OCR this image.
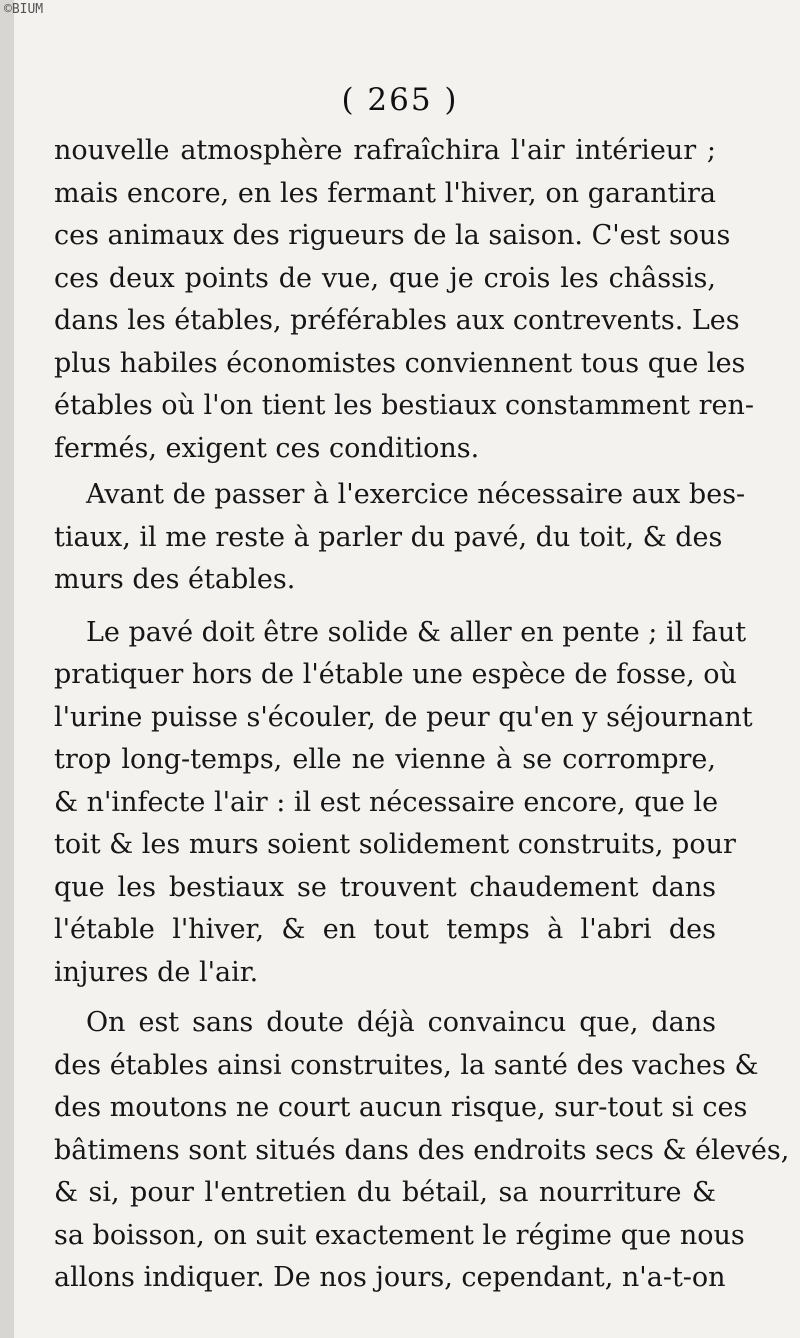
©BIUM
( 265 )
nouvelle atmosphère rafraîchira l'air intérieur ;
mais encore, en les fermant l'hiver, on garantira
ces animaux des rigueurs de la saison. C'est sous
ces deux points de vue, que je crois les châssis,
dans les étables, préférables aux contrevents. Les
plus habiles économistes conviennent tous que les
étables où l'on tient les bestiaux constamment ren-
fermés, exigent ces conditions.
Avant de passer à l'exercice nécessaire aux bes-
tiaux, il me reste à parler du pavé, du toit, & des
murs des étables.
Le pavé doit être solide & aller en pente ; il faut
pratiquer hors de l'étable une espèce de fosse, où
l'urine puisse s'écouler, de peur qu'en y séjournant
trop long-temps, elle ne vienne à se corrompre,
& n'infecte l'air : il est nécessaire encore, que le
toit & les murs soient solidement construits, pour
que les bestiaux se trouvent chaudement dans
l'étable l'hiver, & en tout temps à l'abri des
injures de l'air.
On est sans doute déjà convaincu que, dans
des étables ainsi construites, la santé des vaches &
des moutons ne court aucun risque, sur-tout si ces
bâtimens sont situés dans des endroits secs & élevés,
& si, pour l'entretien du bétail, sa nourriture &
sa boisson, on suit exactement le régime que nous
allons indiquer. De nos jours, cependant, n'a-t-on
